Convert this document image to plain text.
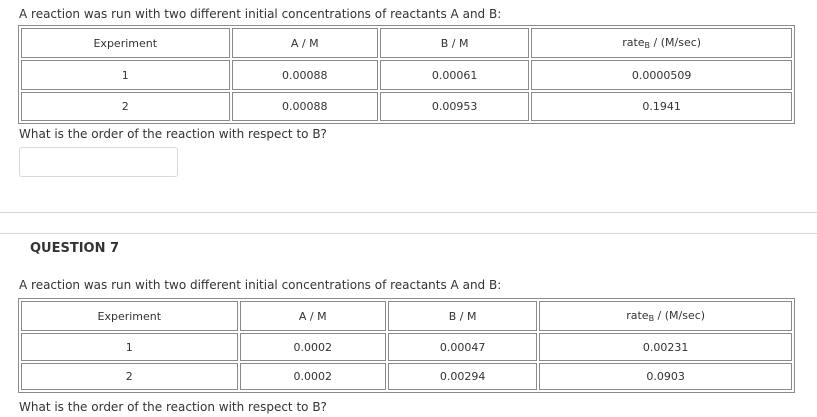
A reaction was run with two different initial concentrations of reactants A and B:
Experiment	A / M	B / M	rate$_B$ / (M/sec)
1	0.00088	0.00061	0.0000509
2	0.00088	0.00953	0.1941
What is the order of the reaction with respect to B?
QUESTION 7
A reaction was run with two different initial concentrations of reactants A and B:
Experiment	A / M	B / M	rate$_B$ / (M/sec)
1	0.0002	0.00047	0.00231
2	0.0002	0.00294	0.0903
What is the order of the reaction with respect to B?
